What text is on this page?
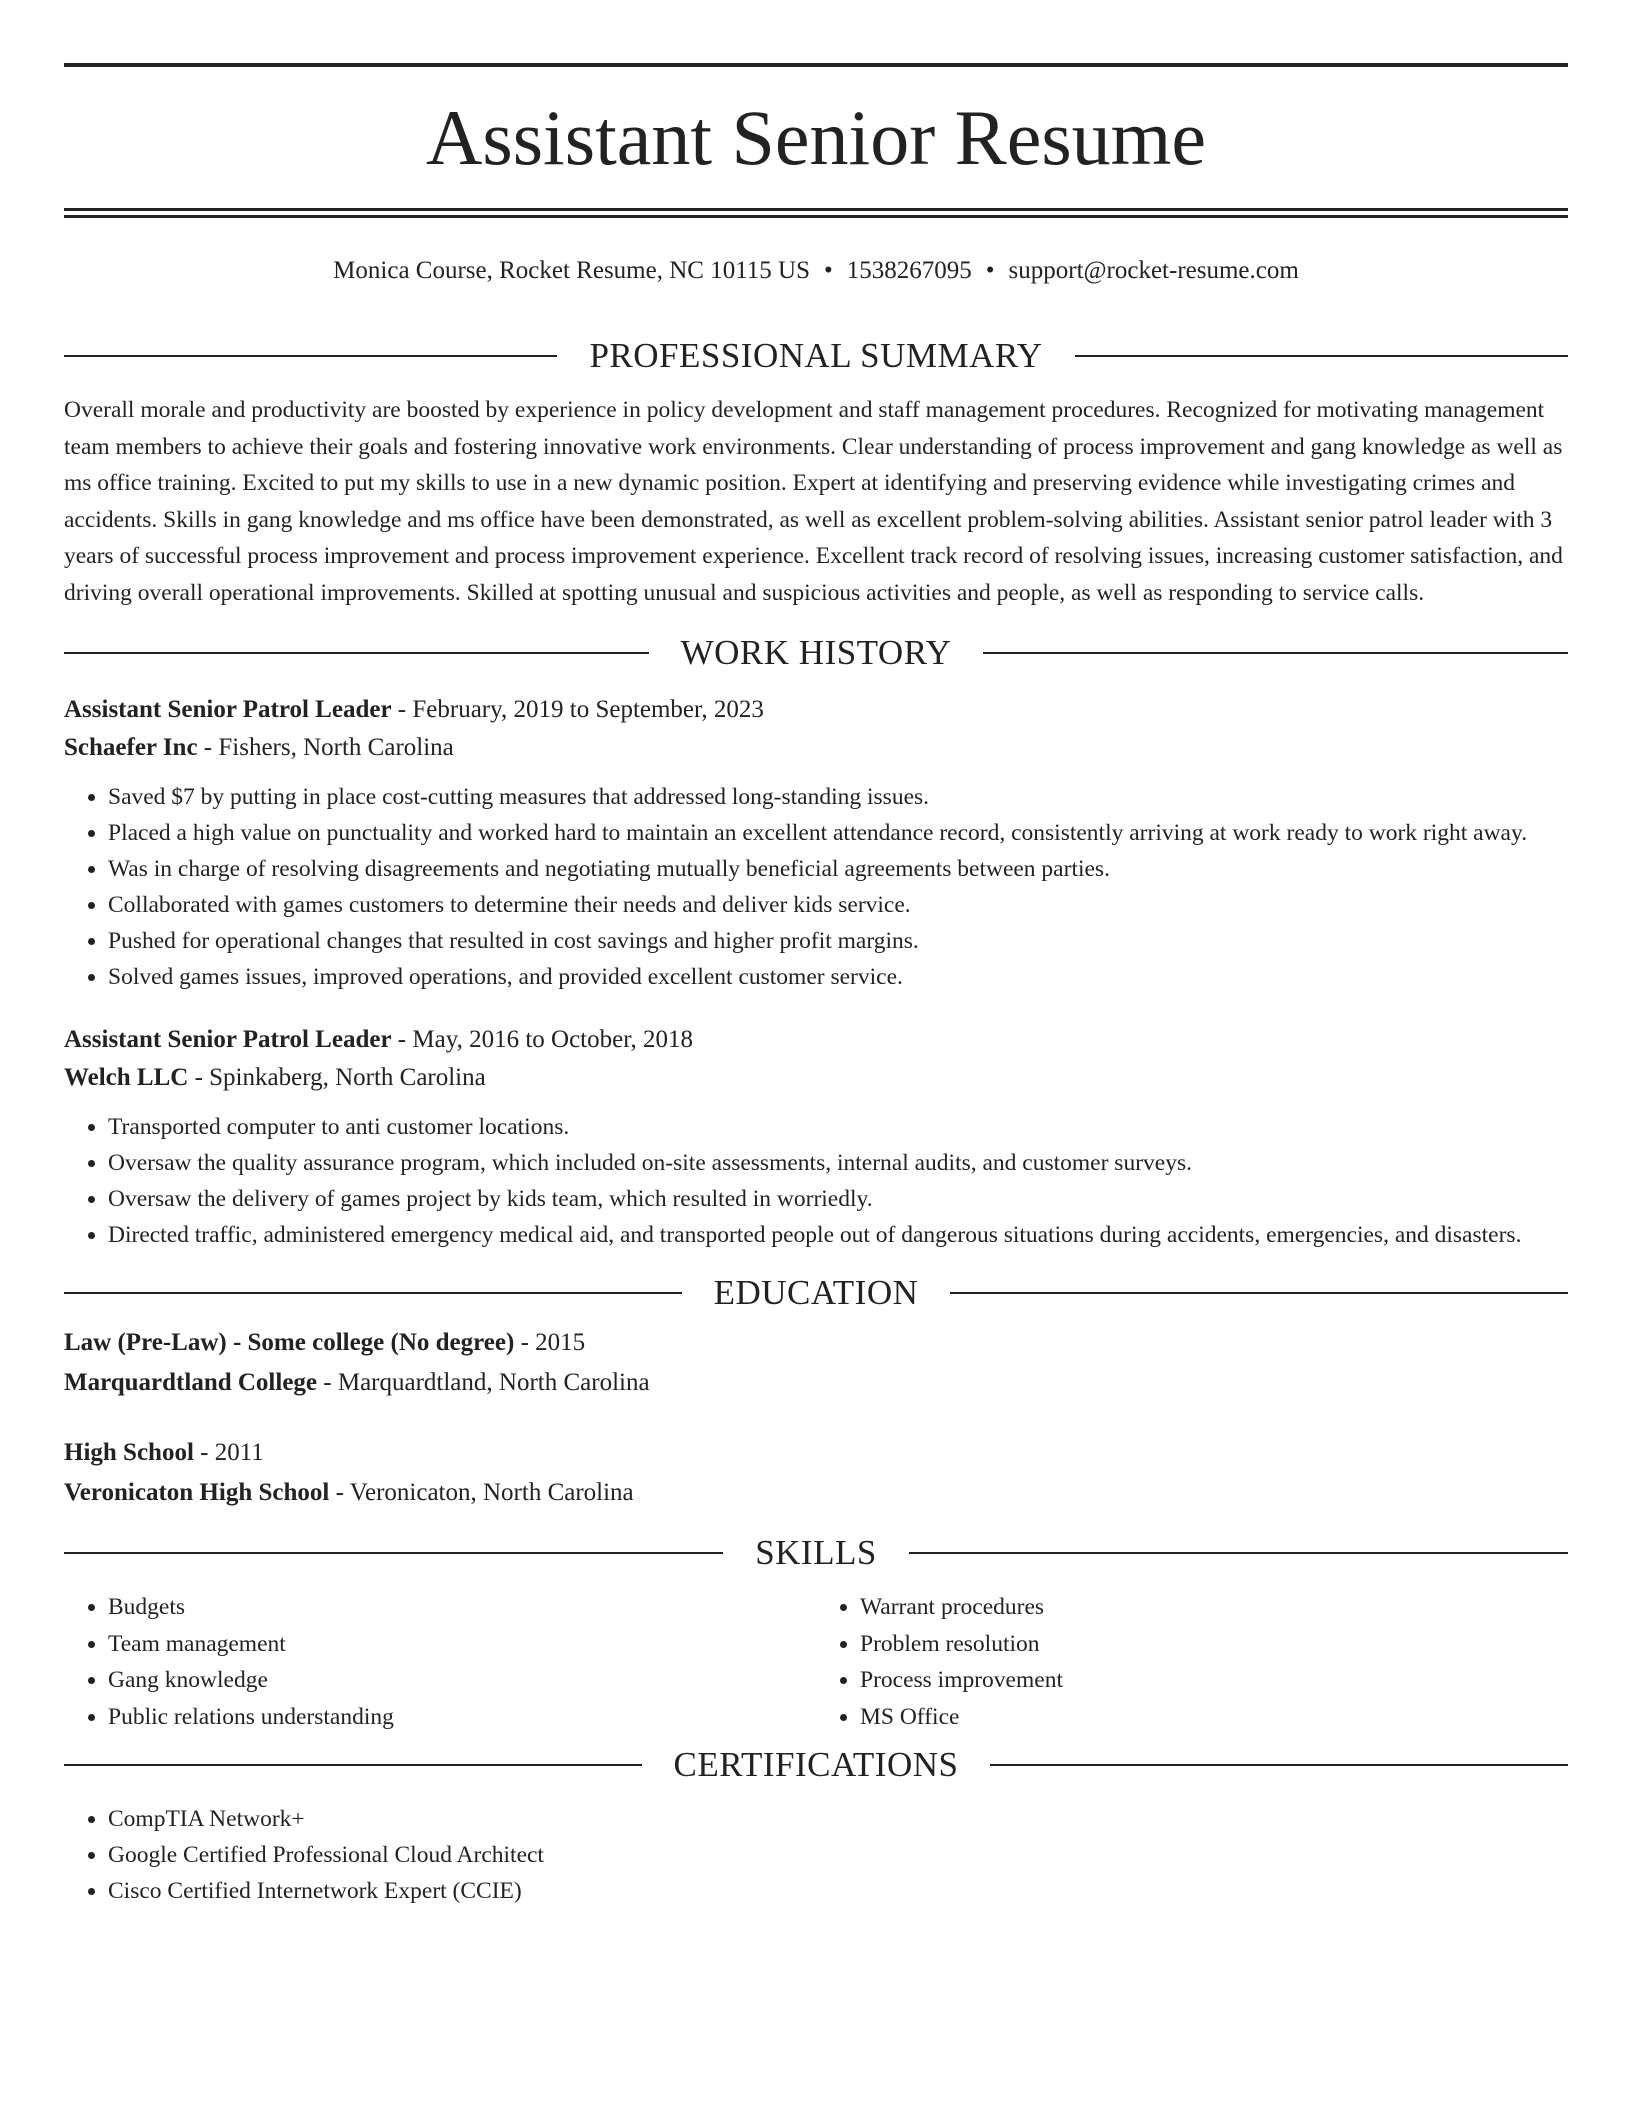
Assistant Senior Resume
Monica Course, Rocket Resume, NC 10115 US • 1538267095 • support@rocket-resume.com
PROFESSIONAL SUMMARY

Overall morale and productivity are boosted by experience in policy development and staff management procedures. Recognized for motivating management team members to achieve their goals and fostering innovative work environments. Clear understanding of process improvement and gang knowledge as well as ms office training. Excited to put my skills to use in a new dynamic position. Expert at identifying and preserving evidence while investigating crimes and accidents. Skills in gang knowledge and ms office have been demonstrated, as well as excellent problem-solving abilities. Assistant senior patrol leader with 3 years of successful process improvement and process improvement experience. Excellent track record of resolving issues, increasing customer satisfaction, and driving overall operational improvements. Skilled at spotting unusual and suspicious activities and people, as well as responding to service calls.

WORK HISTORY
Assistant Senior Patrol Leader - February, 2019 to September, 2023
Schaefer Inc - Fishers, North Carolina
• Saved $7 by putting in place cost-cutting measures that addressed long-standing issues.
• Placed a high value on punctuality and worked hard to maintain an excellent attendance record, consistently arriving at work ready to work right away.
• Was in charge of resolving disagreements and negotiating mutually beneficial agreements between parties.
• Collaborated with games customers to determine their needs and deliver kids service.
• Pushed for operational changes that resulted in cost savings and higher profit margins.
• Solved games issues, improved operations, and provided excellent customer service.
Assistant Senior Patrol Leader - May, 2016 to October, 2018
Welch LLC - Spinkaberg, North Carolina
• Transported computer to anti customer locations.
• Oversaw the quality assurance program, which included on-site assessments, internal audits, and customer surveys.
• Oversaw the delivery of games project by kids team, which resulted in worriedly.
• Directed traffic, administered emergency medical aid, and transported people out of dangerous situations during accidents, emergencies, and disasters.
EDUCATION
Law (Pre-Law) - Some college (No degree) - 2015
Marquardtland College - Marquardtland, North Carolina
High School - 2011
Veronicaton High School - Veronicaton, North Carolina
SKILLS
• Budgets
• Team management
• Gang knowledge
• Public relations understanding
• Warrant procedures
• Problem resolution
• Process improvement
• MS Office
CERTIFICATIONS
• CompTIA Network+
• Google Certified Professional Cloud Architect
• Cisco Certified Internetwork Expert (CCIE)
